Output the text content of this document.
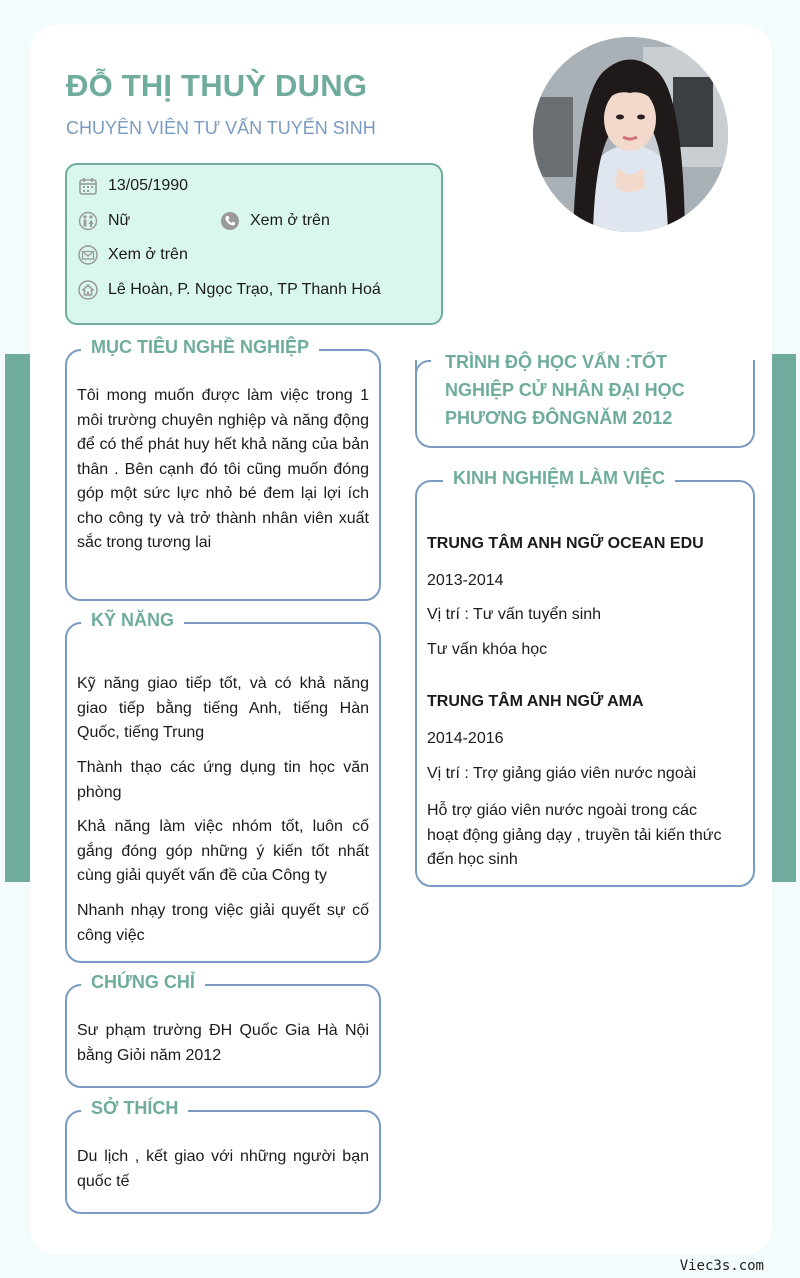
ĐỖ THỊ THUỲ DUNG
CHUYÊN VIÊN TƯ VẤN TUYỂN SINH
13/05/1990
Nữ	Xem ở trên
Xem ở trên
Lê Hoàn, P. Ngọc Trạo, TP Thanh Hoá
MỤC TIÊU NGHỀ NGHIỆP
Tôi mong muốn được làm việc trong 1 môi trường chuyên nghiệp và năng động để có thể phát huy hết khả năng của bản thân . Bên cạnh đó tôi cũng muốn đóng góp một sức lực nhỏ bé đem lại lợi ích cho công ty và trở thành nhân viên xuất sắc trong tương lai
KỸ NĂNG
Kỹ năng giao tiếp tốt, và có khả năng giao tiếp bằng tiếng Anh, tiếng Hàn Quốc, tiếng Trung
Thành thạo các ứng dụng tin học văn phòng
Khả năng làm việc nhóm tốt, luôn cố gắng đóng góp những ý kiến tốt nhất cùng giải quyết vấn đề của Công ty
Nhanh nhạy trong việc giải quyết sự cố công việc
CHỨNG CHỈ
Sư phạm trường ĐH Quốc Gia Hà Nội bằng Giỏi năm 2012
SỞ THÍCH
Du lịch , kết giao với những người bạn quốc tế
TRÌNH ĐỘ HỌC VẤN :TỐT NGHIỆP CỬ NHÂN ĐẠI HỌC PHƯƠNG ĐÔNGNĂM 2012
KINH NGHIỆM LÀM VIỆC
TRUNG TÂM ANH NGỮ OCEAN EDU
2013-2014
Vị trí : Tư vấn tuyển sinh
Tư vấn khóa học
TRUNG TÂM ANH NGỮ AMA
2014-2016
Vị trí : Trợ giảng giáo viên nước ngoài
Hỗ trợ giáo viên nước ngoài trong các hoạt động giảng dạy , truyền tải kiến thức đến học sinh
Viec3s.com
